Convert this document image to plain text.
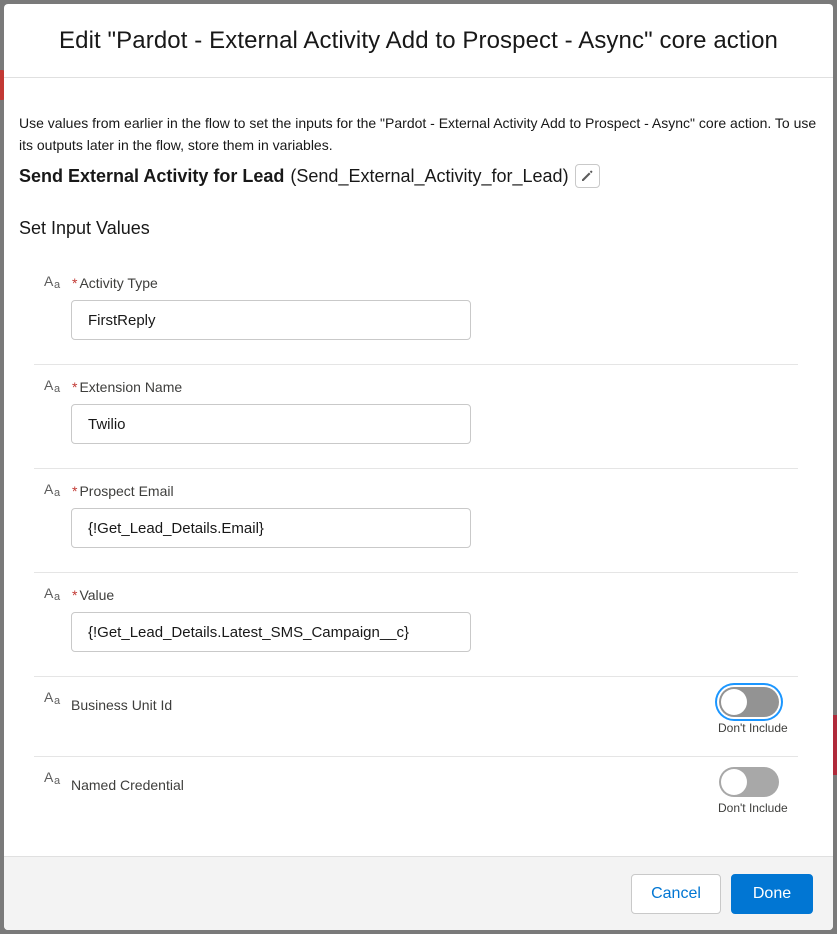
Edit "Pardot - External Activity Add to Prospect - Async" core action

Use values from earlier in the flow to set the inputs for the "Pardot - External Activity Add to Prospect - Async" core action. To use its outputs later in the flow, store them in variables.

Send External Activity for Lead (Send_External_Activity_for_Lead)
Set Input Values
A a * Activity Type
FirstReply
A a * Extension Name
Twilio
A a * Prospect Email
{!Get_Lead_Details.Email}
A a * Value
{!Get_Lead_Details.Latest_SMS_Campaign__c}
A a Business Unit Id
Don't Include
A a Named Credential
Don't Include
Cancel	Done
